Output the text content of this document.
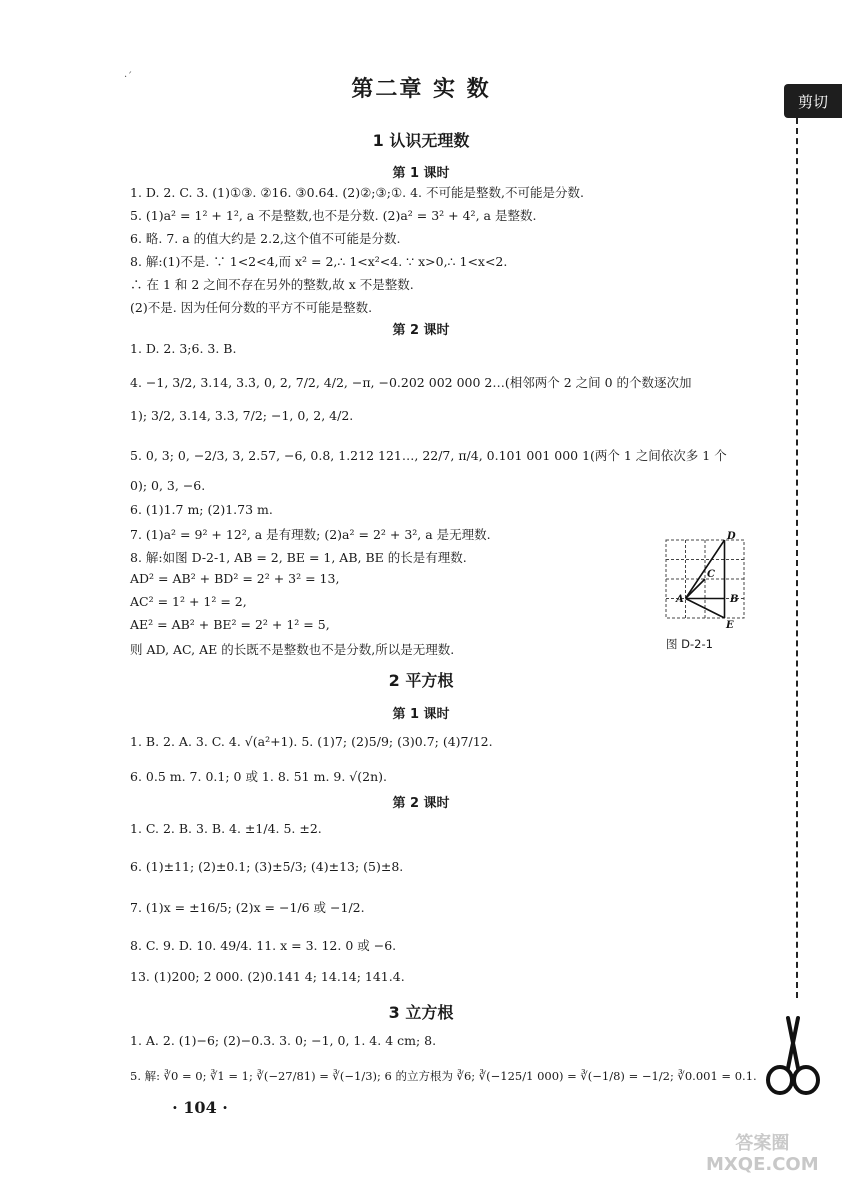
·´	第二章 实 数	剪切
1 认识无理数
第 1 课时
1. D. 2. C. 3. (1)①③. ②16. ③0.64. (2)②;③;①. 4. 不可能是整数,不可能是分数.
5. (1)a² = 1² + 1², a 不是整数,也不是分数. (2)a² = 3² + 4², a 是整数.
6. 略. 7. a 的值大约是 2.2,这个值不可能是分数.
8. 解:(1)不是. ∵ 1<2<4,而 x² = 2,∴ 1<x²<4. ∵ x>0,∴ 1<x<2.
∴ 在 1 和 2 之间不存在另外的整数,故 x 不是整数.
(2)不是. 因为任何分数的平方不可能是整数.
第 2 课时
1. D. 2. 3;6. 3. B.
4. −1, 3/2, 3.14, 3.3̇, 0, 2, 7/2, 4/2, −π, −0.202 002 000 2…(相邻两个 2 之间 0 的个数逐次加
1); 3/2, 3.14, 3.3̇, 7/2; −1, 0, 2, 4/2.
5. 0, 3; 0, −2/3, 3, 2.57, −6, 0.8, 1.212 121…, 22/7, π/4, 0.101 001 000 1(两个 1 之间依次多 1 个
0); 0, 3, −6.
6. (1)1.7 m; (2)1.73 m.
7. (1)a² = 9² + 12², a 是有理数; (2)a² = 2² + 3², a 是无理数.
8. 解:如图 D-2-1, AB = 2, BE = 1, AB, BE 的长是有理数.
AD² = AB² + BD² = 2² + 3² = 13,
AC² = 1² + 1² = 2,
AE² = AB² + BE² = 2² + 1² = 5,
则 AD, AC, AE 的长既不是整数也不是分数,所以是无理数.
D
C
A	B
E
图 D-2-1
2 平方根
第 1 课时
1. B. 2. A. 3. C. 4. √(a²+1). 5. (1)7; (2)5/9; (3)0.7; (4)7/12.
6. 0.5 m. 7. 0.1; 0 或 1. 8. 51 m. 9. √(2n).
第 2 课时
1. C. 2. B. 3. B. 4. ±1/4. 5. ±2.
6. (1)±11; (2)±0.1; (3)±5/3; (4)±13; (5)±8.
7. (1)x = ±16/5; (2)x = −1/6 或 −1/2.
8. C. 9. D. 10. 49/4. 11. x = 3. 12. 0 或 −6.
13. (1)200; 2 000. (2)0.141 4; 14.14; 141.4.
3 立方根
1. A. 2. (1)−6; (2)−0.3. 3. 0; −1, 0, 1. 4. 4 cm; 8.
5. 解: ∛0 = 0; ∛1 = 1; ∛(−27/81) = ∛(−1/3); 6 的立方根为 ∛6; ∛(−125/1 000) = ∛(−1/8) = −1/2; ∛0.001 = 0.1.
· 104 ·
答案圈
MXQE.COM
